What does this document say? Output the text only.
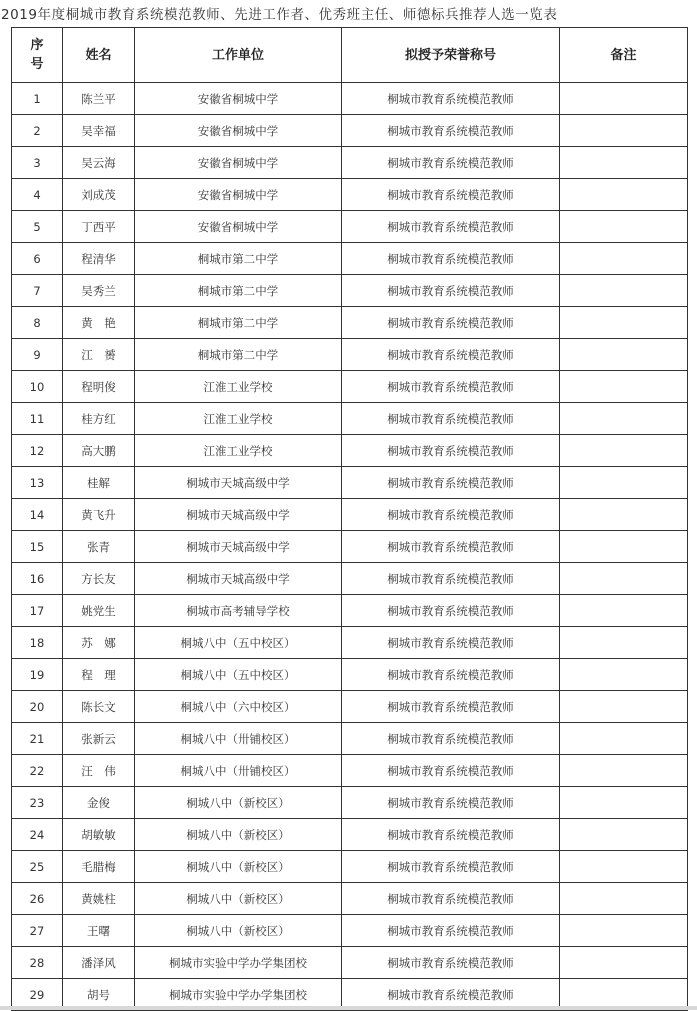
2019年度桐城市教育系统模范教师、先进工作者、优秀班主任、师德标兵推荐人选一览表
序
号	姓名	工作单位	拟授予荣誉称号	备注
1	陈兰平	安徽省桐城中学	桐城市教育系统模范教师	
2	吴幸福	安徽省桐城中学	桐城市教育系统模范教师	
3	吴云海	安徽省桐城中学	桐城市教育系统模范教师	
4	刘成茂	安徽省桐城中学	桐城市教育系统模范教师	
5	丁西平	安徽省桐城中学	桐城市教育系统模范教师	
6	程清华	桐城市第二中学	桐城市教育系统模范教师	
7	吴秀兰	桐城市第二中学	桐城市教育系统模范教师	
8	黄　艳	桐城市第二中学	桐城市教育系统模范教师	
9	江　赟	桐城市第二中学	桐城市教育系统模范教师	
10	程明俊	江淮工业学校	桐城市教育系统模范教师	
11	桂方红	江淮工业学校	桐城市教育系统模范教师	
12	高大鹏	江淮工业学校	桐城市教育系统模范教师	
13	桂解	桐城市天城高级中学	桐城市教育系统模范教师	
14	黄飞升	桐城市天城高级中学	桐城市教育系统模范教师	
15	张青	桐城市天城高级中学	桐城市教育系统模范教师	
16	方长友	桐城市天城高级中学	桐城市教育系统模范教师	
17	姚党生	桐城市高考辅导学校	桐城市教育系统模范教师	
18	苏　娜	桐城八中（五中校区）	桐城市教育系统模范教师	
19	程　理	桐城八中（五中校区）	桐城市教育系统模范教师	
20	陈长文	桐城八中（六中校区）	桐城市教育系统模范教师	
21	张新云	桐城八中（卅铺校区）	桐城市教育系统模范教师	
22	汪　伟	桐城八中（卅铺校区）	桐城市教育系统模范教师	
23	金俊	桐城八中（新校区）	桐城市教育系统模范教师	
24	胡敏敏	桐城八中（新校区）	桐城市教育系统模范教师	
25	毛腊梅	桐城八中（新校区）	桐城市教育系统模范教师	
26	黄姚柱	桐城八中（新校区）	桐城市教育系统模范教师	
27	王曙	桐城八中（新校区）	桐城市教育系统模范教师	
28	潘泽风	桐城市实验中学办学集团校	桐城市教育系统模范教师	
29	胡号	桐城市实验中学办学集团校	桐城市教育系统模范教师	
